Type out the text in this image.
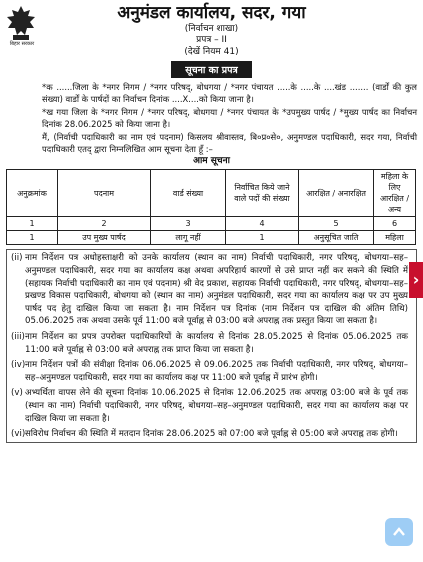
बिहार सरकार
अनुमंडल कार्यालय, सदर, गया
(निर्वाचन शाखा)
प्रपत्र – II
(देखें नियम 41)
सूचना का प्रपत्र

*क ......जिला के *नगर निगम / *नगर परिषद्, बोधगया / *नगर पंचायत .....के .....के ....खंड ....... (वार्डों की कुल संख्या) वार्डों के पार्षदों का निर्वाचन दिनांक ....X....को किया जाना है।

*ख गया जिला के *नगर निगम / *नगर परिषद्, बोधगया / *नगर पंचायत के *उपमुख्य पार्षद / *मुख्य पार्षद का निर्वाचन दिनांक 28.06.2025 को किया जाना है।

मैं, (निर्वाची पदाधिकारी का नाम एवं पदनाम) किसलय श्रीवास्तव, बि०प्र०से०, अनुमण्डल पदाधिकारी, सदर गया, निर्वाची पदाधिकारी एतद् द्वारा निम्नलिखित आम सूचना देता हूँ :–

आम सूचना
अनुक्रमांक	पदनाम	वार्ड संख्या	निर्वाचित किये जाने वाले पदों की संख्या	आरक्षित / अनारक्षित	महिला के लिए आरक्षित / अन्य
1	2	3	4	5	6
1	उप मुख्य पार्षद	लागू नहीं	1	अनुसूचित जाति	महिला
(ii) नाम निर्देशन पत्र अधोहस्ताक्षरी को उनके कार्यालय (स्थान का नाम) निर्वाची पदाधिकारी, नगर परिषद्, बोधगया–सह–अनुमण्डल पदाधिकारी, सदर गया का कार्यालय कक्ष अथवा अपरिहार्य कारणों से उसे प्राप्त नहीं कर सकने की स्थिति में (सहायक निर्वाची पदाधिकारी का नाम एवं पदनाम) श्री वेद प्रकाश, सहायक निर्वाची पदाधिकारी, नगर परिषद्, बोधगया–सह–प्रखण्ड विकास पदाधिकारी, बोधगया को (स्थान का नाम) अनुमंडल पदाधिकारी, सदर गया का कार्यालय कक्ष पर उप मुख्य पार्षद पद हेतु दाखिल किया जा सकता है। नाम निर्देशन पत्र दिनांक (नाम निर्देशन पत्र दाखिल की अंतिम तिथि) 05.06.2025 तक अथवा उसके पूर्व 11:00 बजे पूर्वाह्न से 03:00 बजे अपराह्न तक प्रस्तुत किया जा सकता है।
(iii) नाम निर्देशन का प्रपत्र उपरोक्त पदाधिकारियों के कार्यालय से दिनांक 28.05.2025 से दिनांक 05.06.2025 तक 11:00 बजे पूर्वाह्न से 03:00 बजे अपराह्न तक प्राप्त किया जा सकता है।
(iv) नाम निर्देशन पत्रों की संवीक्षा दिनांक 06.06.2025 से 09.06.2025 तक निर्वाची पदाधिकारी, नगर परिषद्, बोधगया–सह–अनुमण्डल पदाधिकारी, सदर गया का कार्यालय कक्ष पर 11:00 बजे पूर्वाह्न में प्रारंभ होगी।
(v) अभ्यर्थिता वापस लेने की सूचना दिनांक 10.06.2025 से दिनांक 12.06.2025 तक अपराह्न 03:00 बजे के पूर्व तक (स्थान का नाम) निर्वाची पदाधिकारी, नगर परिषद्, बोधगया–सह–अनुमण्डल पदाधिकारी, सदर गया का कार्यालय कक्ष पर दाखिल किया जा सकता है।
(vi) सविरोध निर्वाचन की स्थिति में मतदान दिनांक 28.06.2025 को 07:00 बजे पूर्वाह्न से 05:00 बजे अपराह्न तक होगी।
›
